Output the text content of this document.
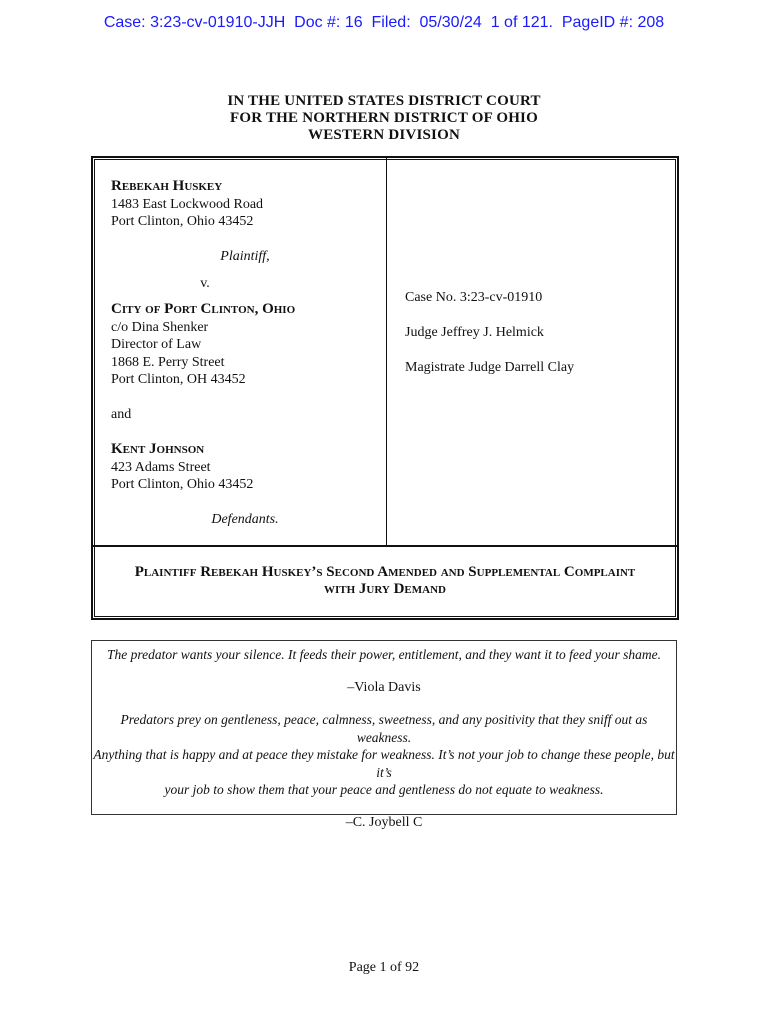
Case: 3:23-cv-01910-JJH  Doc #: 16  Filed:  05/30/24  1 of 121.  PageID #: 208
IN THE UNITED STATES DISTRICT COURT
FOR THE NORTHERN DISTRICT OF OHIO
WESTERN DIVISION
Rebekah Huskey
1483 East Lockwood Road
Port Clinton, Ohio 43452
Plaintiff,
v.
City of Port Clinton, Ohio
c/o Dina Shenker
Director of Law
1868 E. Perry Street
Port Clinton, OH 43452
and
Kent Johnson
423 Adams Street
Port Clinton, Ohio 43452
Defendants.
Case No. 3:23-cv-01910
Judge Jeffrey J. Helmick
Magistrate Judge Darrell Clay
Plaintiff Rebekah Huskey’s Second Amended and Supplemental Complaint
with Jury Demand
The predator wants your silence. It feeds their power, entitlement, and they want it to feed your shame.
–Viola Davis
Predators prey on gentleness, peace, calmness, sweetness, and any positivity that they sniff out as weakness.
Anything that is happy and at peace they mistake for weakness. It’s not your job to change these people, but it’s
your job to show them that your peace and gentleness do not equate to weakness.
–C. Joybell C
Page 1 of 92
